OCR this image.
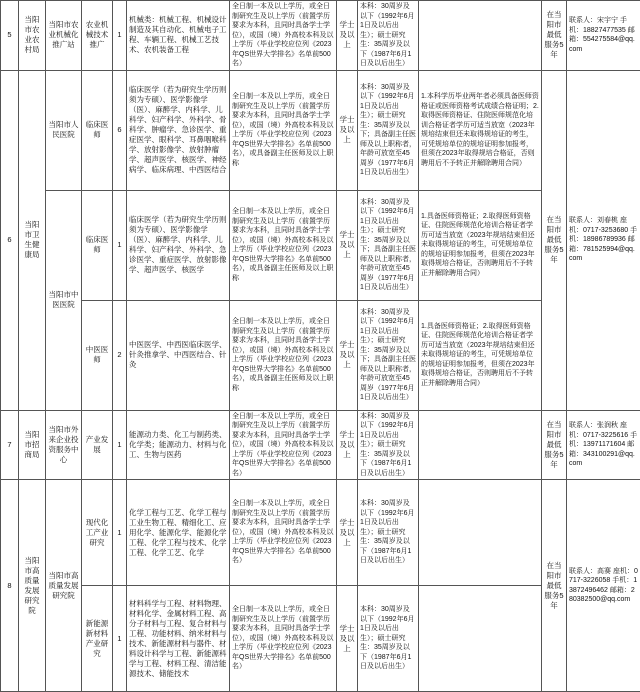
5	当阳市农业农村局	当阳市农业机械化推广站	农业机械技术推广	1	机械类：机械工程、机械设计制造及其自动化、机械电子工程、车辆工程、机械工艺技术、农机装备工程	全日制一本及以上学历，或全日制研究生及以上学历（前置学历要求为本科，且同时具备学士学位），或国（境）外高校本科及以上学历（毕业学校应位列《2023年QS世界大学排名》名单前500名）	学士及以上	本科：30周岁及以下（1992年6月1日及以后出生）；硕士研究生：35周岁及以下（1987年6月1日及以后出生）		在当阳市最低服务5年	联系人：宋宇宁 手机：18827477535 邮箱：554275584@qq.com
6	当阳市卫生健康局	当阳市人民医院	临床医师	6	临床医学（若为研究生学历则须为专硕）、医学影像学（医）、麻醉学、内科学、儿科学、妇产科学、外科学、骨科学、肿瘤学、急诊医学、重症医学、眼科学、耳鼻咽喉科学、放射影像学、放射肿瘤学、超声医学、核医学、神经病学、临床病理、中西医结合	全日制一本及以上学历，或全日制研究生及以上学历（前置学历要求为本科，且同时具备学士学位），或国（境）外高校本科及以上学历（毕业学校应位列《2023年QS世界大学排名》名单前500名），或具备副主任医师及以上职称	学士及以上	本科：30周岁及以下（1992年6月1日及以后出生）；硕士研究生：35周岁及以下；具备副主任医师及以上职称者，年龄可放宽至45周岁（1977年6月1日及以后出生）	1.本科学历毕业两年者必须具备医师资格证或医师资格考试成绩合格证明；2.取得医师资格证、住院医师规范化培训合格证者学历可适当放宽（2023年规培结束但还未取得规培证的考生，可凭规培单位的规培证明参加报考，但须在2023年取得规培合格证，否则聘用后不予转正并解除聘用合同）	在当阳市最低服务5年	联系人：刘春桃 座机：0717-3253680 手机：18986789936 邮箱：781525994@qq.com
		当阳市中医医院	临床医师	1	临床医学（若为研究生学历则须为专硕）、医学影像学（医）、麻醉学、内科学、儿科学、妇产科学、外科学、急诊医学、重症医学、放射影像学、超声医学、核医学	全日制一本及以上学历，或全日制研究生及以上学历（前置学历要求为本科，且同时具备学士学位），或国（境）外高校本科及以上学历（毕业学校应位列《2023年QS世界大学排名》名单前500名），或具备副主任医师及以上职称	学士及以上	本科：30周岁及以下（1992年6月1日及以后出生）；硕士研究生：35周岁及以下；具备副主任医师及以上职称者，年龄可放宽至45周岁（1977年6月1日及以后出生）	1.具备医师资格证；2.取得医师资格证、住院医师规范化培训合格证者学历可适当放宽（2023年规培结束但还未取得规培证的考生，可凭规培单位的规培证明参加报考，但须在2023年取得规培合格证，否则聘用后不予转正并解除聘用合同）		
			中医医师	2	中医医学、中西医临床医学、针灸推拿学、中西医结合、针灸	全日制一本及以上学历，或全日制研究生及以上学历（前置学历要求为本科，且同时具备学士学位），或国（境）外高校本科及以上学历（毕业学校应位列《2023年QS世界大学排名》名单前500名），或具备副主任医师及以上职称	学士及以上	本科：30周岁及以下（1992年6月1日及以后出生）；硕士研究生：35周岁及以下；具备副主任医师及以上职称者，年龄可放宽至45周岁（1977年6月1日及以后出生）	1.具备医师资格证；2.取得医师资格证、住院医师规范化培训合格证者学历可适当放宽（2023年规培结束但还未取得规培证的考生，可凭规培单位的规培证明参加报考，但须在2023年取得规培合格证，否则聘用后不予转正并解除聘用合同）		
7	当阳市招商局	当阳市外来企业投资服务中心	产业发展	1	能源动力类、化工与制药类、化学类；能源动力、材料与化工、生物与医药	全日制一本及以上学历，或全日制研究生及以上学历（前置学历要求为本科，且同时具备学士学位），或国（境）外高校本科及以上学历（毕业学校应位列《2023年QS世界大学排名》名单前500名）	学士及以上	本科：30周岁及以下（1992年6月1日及以后出生）；硕士研究生：35周岁及以下（1987年6月1日及以后出生）		在当阳市最低服务5年	联系人：张润秋 座机：0717-3225616 手机：13971171604 邮箱：343100291@qq.com
8	当阳市高质量发展研究院	当阳市高质量发展研究院	现代化工产业研究	1	化学工程与工艺、化学工程与工业生物工程、精细化工、应用化学、能源化学、能源化学工程、化学工程与技术、化学工程、化学工艺、化学	全日制一本及以上学历，或全日制研究生及以上学历（前置学历要求为本科，且同时具备学士学位），或国（境）外高校本科及以上学历（毕业学校应位列《2023年QS世界大学排名》名单前500名）	学士及以上	本科：30周岁及以下（1992年6月1日及以后出生）；硕士研究生：35周岁及以下（1987年6月1日及以后出生）		在当阳市最低服务5年	联系人：高赛 座机：0717-3226058 手机：13872496462 邮箱：280382500@qq.com
			新能源新材料产业研究	1	材料科学与工程、材料物理、材料化学、金属材料工程、高分子材料与工程、复合材料与工程、功能材料、纳米材料与技术、新能源材料与器件、材料设计科学与工程、新能源科学与工程、材料工程、清洁能源技术、储能技术	全日制一本及以上学历，或全日制研究生及以上学历（前置学历要求为本科，且同时具备学士学位），或国（境）外高校本科及以上学历（毕业学校应位列《2023年QS世界大学排名》名单前500名）	学士及以上	本科：30周岁及以下（1992年6月1日及以后出生）；硕士研究生：35周岁及以下（1987年6月1日及以后出生）			
